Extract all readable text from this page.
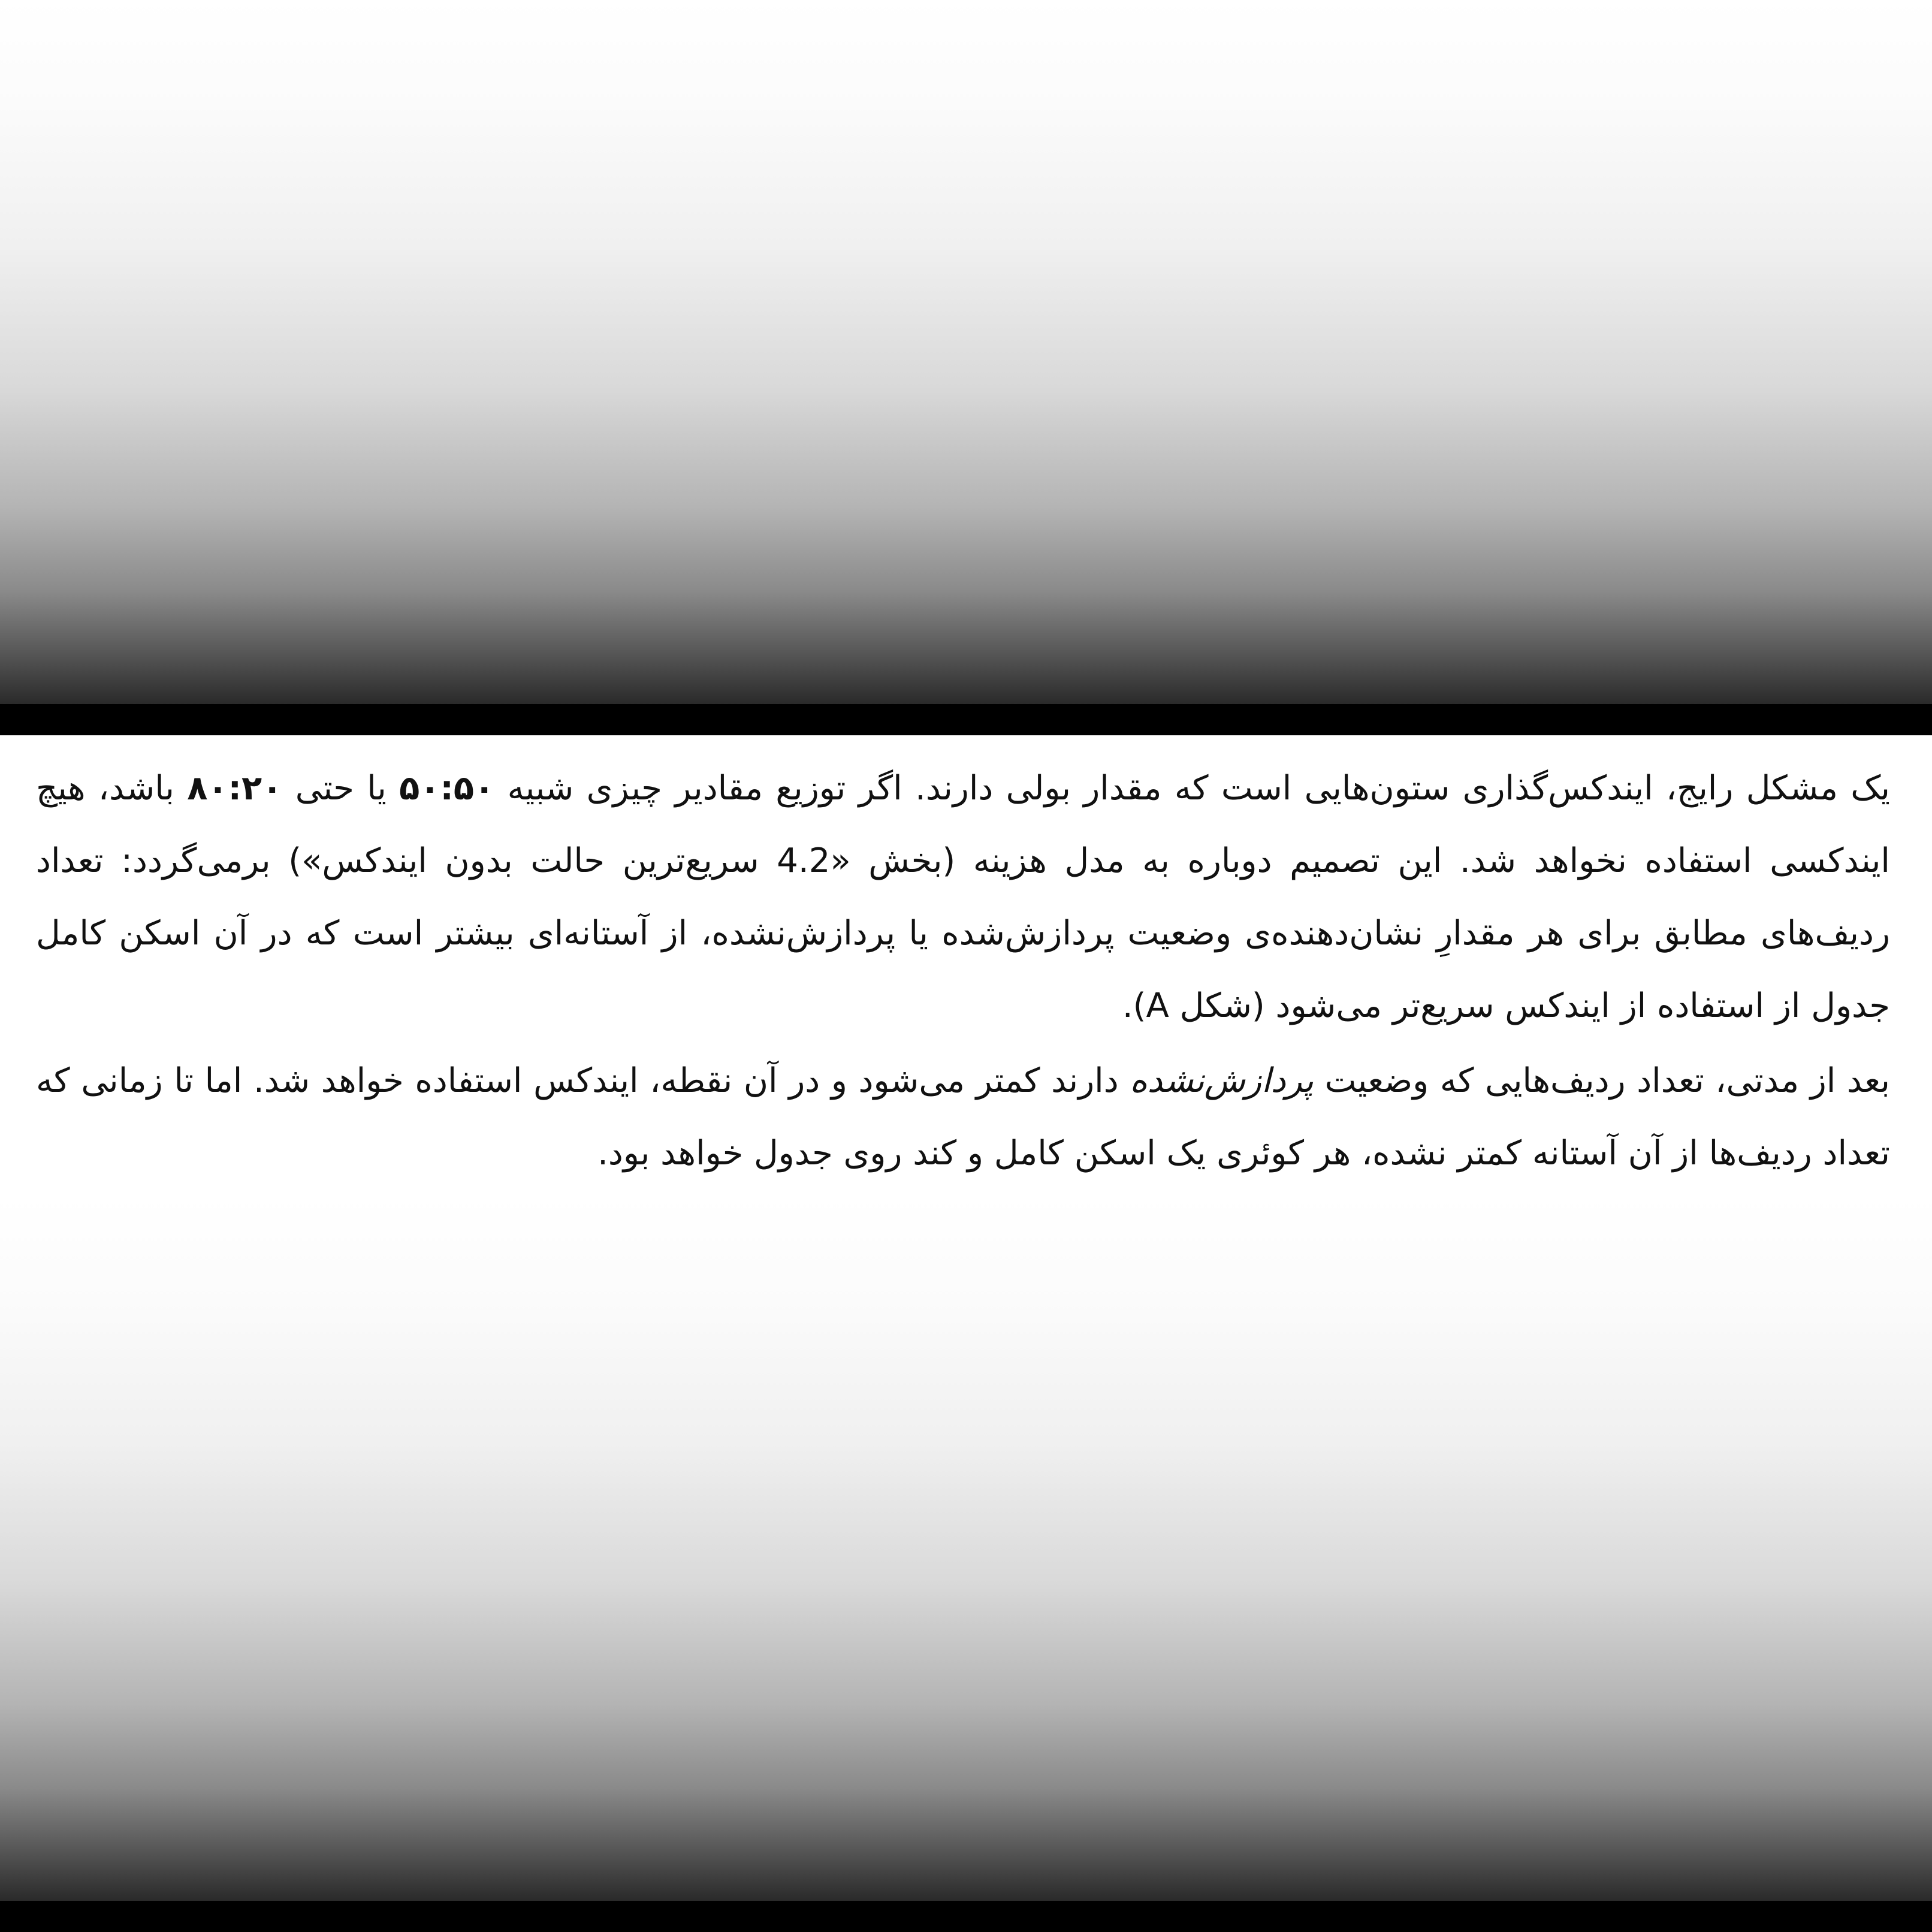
یک مشکل رایج، ایندکس‌گذاری ستون‌هایی است که مقدار بولی دارند. اگر توزیع مقادیر چیزی شبیه ۵۰:۵۰ یا حتی ۸۰:۲۰ باشد، هیچ ایندکسی استفاده نخواهد شد. این تصمیم دوباره به مدل هزینه (بخش «4.2 سریع‌ترین حالت بدون ایندکس») برمی‌گردد: تعداد ردیف‌های مطابق برای هر مقدارِ نشان‌دهنده‌ی وضعیت پردازش‌شده یا پردازش‌نشده، از آستانه‌ای بیشتر است که در آن اسکن کامل جدول از استفاده از ایندکس سریع‌تر می‌شود (شکل A).

بعد از مدتی، تعداد ردیف‌هایی که وضعیت پردازش‌نشده دارند کمتر می‌شود و در آن نقطه، ایندکس استفاده خواهد شد. اما تا زمانی که تعداد ردیف‌ها از آن آستانه کمتر نشده، هر کوئری یک اسکن کامل و کند روی جدول خواهد بود.
